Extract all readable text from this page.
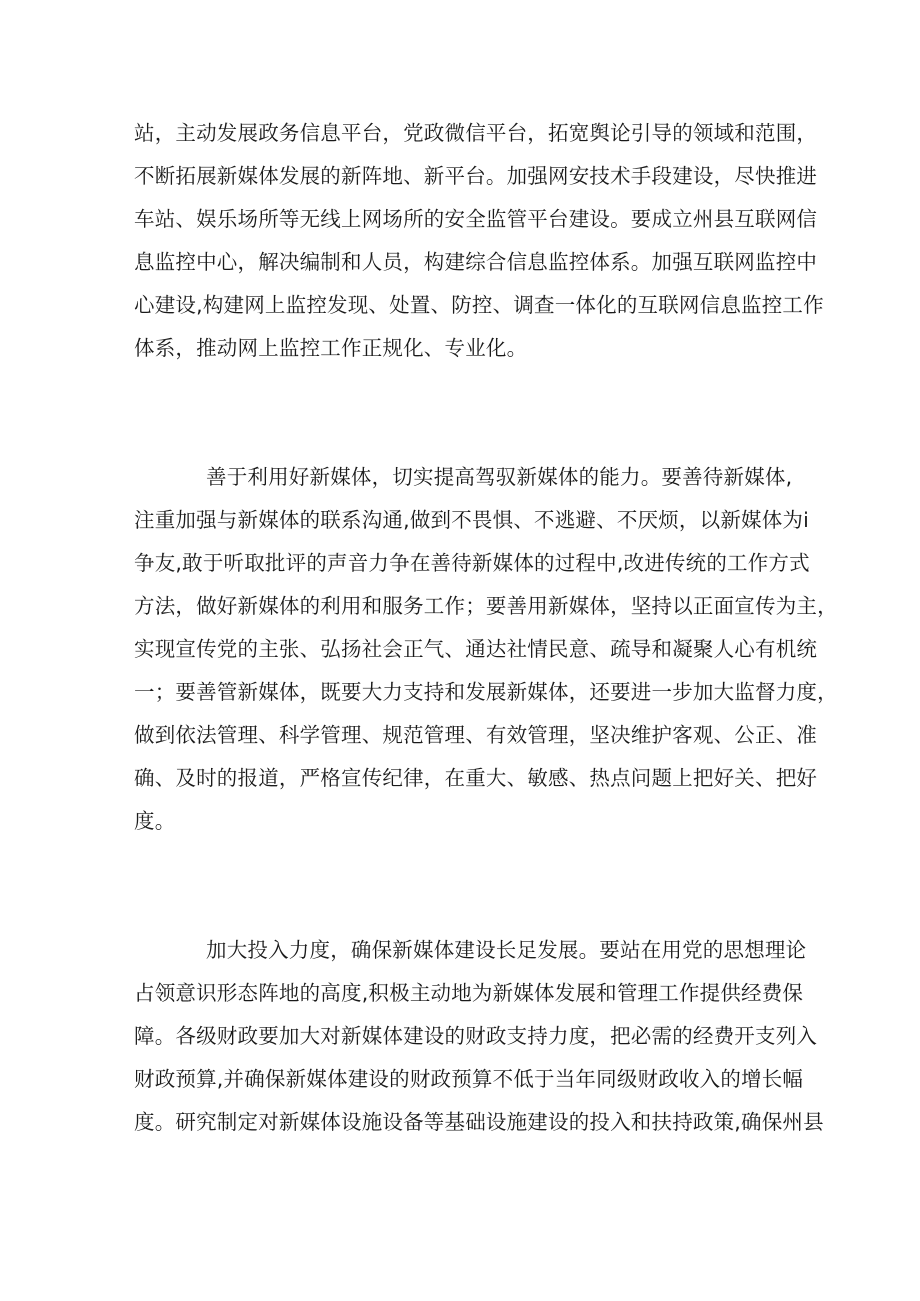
站，主动发展政务信息平台，党政微信平台，拓宽舆论引导的领域和范围，
不断拓展新媒体发展的新阵地、新平台。加强网安技术手段建设，尽快推进
车站、娱乐场所等无线上网场所的安全监管平台建设。要成立州县互联网信
息监控中心，解决编制和人员，构建综合信息监控体系。加强互联网监控中
心建设,构建网上监控发现、处置、防控、调查一体化的互联网信息监控工作
体系，推动网上监控工作正规化、专业化。
善于利用好新媒体，切实提高驾驭新媒体的能力。要善待新媒体,
注重加强与新媒体的联系沟通,做到不畏惧、不逃避、不厌烦，以新媒体为i
争友,敢于听取批评的声音力争在善待新媒体的过程中,改进传统的工作方式
方法，做好新媒体的利用和服务工作；要善用新媒体，坚持以正面宣传为主，
实现宣传党的主张、弘扬社会正气、通达社情民意、疏导和凝聚人心有机统
一；要善管新媒体，既要大力支持和发展新媒体，还要进一步加大监督力度，
做到依法管理、科学管理、规范管理、有效管理，坚决维护客观、公正、准
确、及时的报道，严格宣传纪律，在重大、敏感、热点问题上把好关、把好
度。
加大投入力度，确保新媒体建设长足发展。要站在用党的思想理论
占领意识形态阵地的高度,积极主动地为新媒体发展和管理工作提供经费保
障。各级财政要加大对新媒体建设的财政支持力度，把必需的经费开支列入
财政预算,并确保新媒体建设的财政预算不低于当年同级财政收入的增长幅
度。研究制定对新媒体设施设备等基础设施建设的投入和扶持政策,确保州县
